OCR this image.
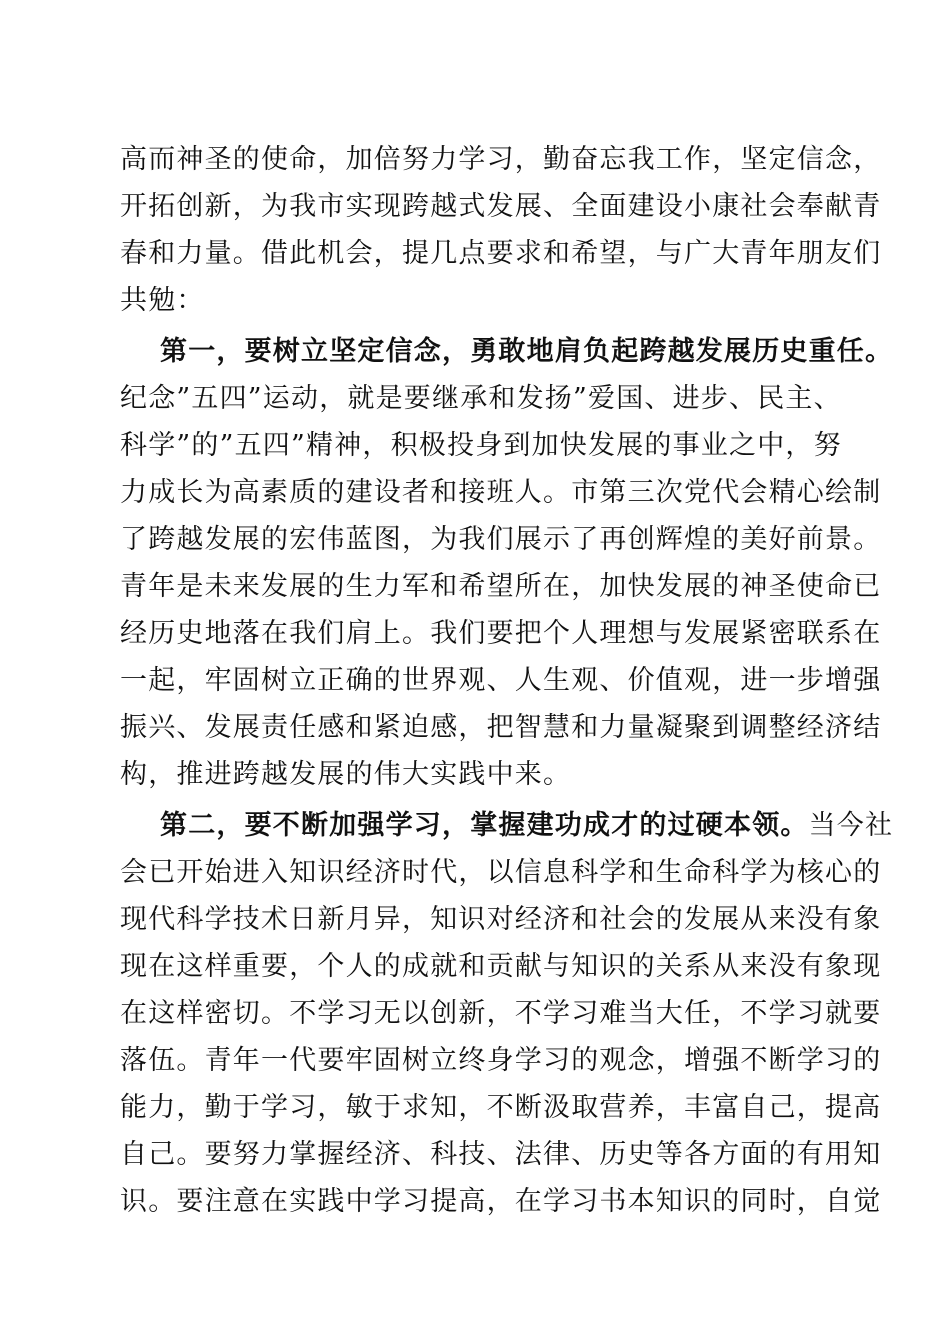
高而神圣的使命，加倍努力学习，勤奋忘我工作，坚定信念，
开拓创新，为我市实现跨越式发展、全面建设小康社会奉献青
春和力量。借此机会，提几点要求和希望，与广大青年朋友们
共勉：
第一，要树立坚定信念，勇敢地肩负起跨越发展历史重任。
纪念”五四”运动，就是要继承和发扬”爱国、进步、民主、
科学”的”五四”精神，积极投身到加快发展的事业之中，努
力成长为高素质的建设者和接班人。市第三次党代会精心绘制
了跨越发展的宏伟蓝图，为我们展示了再创辉煌的美好前景。
青年是未来发展的生力军和希望所在，加快发展的神圣使命已
经历史地落在我们肩上。我们要把个人理想与发展紧密联系在
一起，牢固树立正确的世界观、人生观、价值观，进一步增强
振兴、发展责任感和紧迫感，把智慧和力量凝聚到调整经济结
构，推进跨越发展的伟大实践中来。
第二，要不断加强学习，掌握建功成才的过硬本领。当今社
会已开始进入知识经济时代，以信息科学和生命科学为核心的
现代科学技术日新月异，知识对经济和社会的发展从来没有象
现在这样重要，个人的成就和贡献与知识的关系从来没有象现
在这样密切。不学习无以创新，不学习难当大任，不学习就要
落伍。青年一代要牢固树立终身学习的观念，增强不断学习的
能力，勤于学习，敏于求知，不断汲取营养，丰富自己，提高
自己。要努力掌握经济、科技、法律、历史等各方面的有用知
识。要注意在实践中学习提高，在学习书本知识的同时，自觉
